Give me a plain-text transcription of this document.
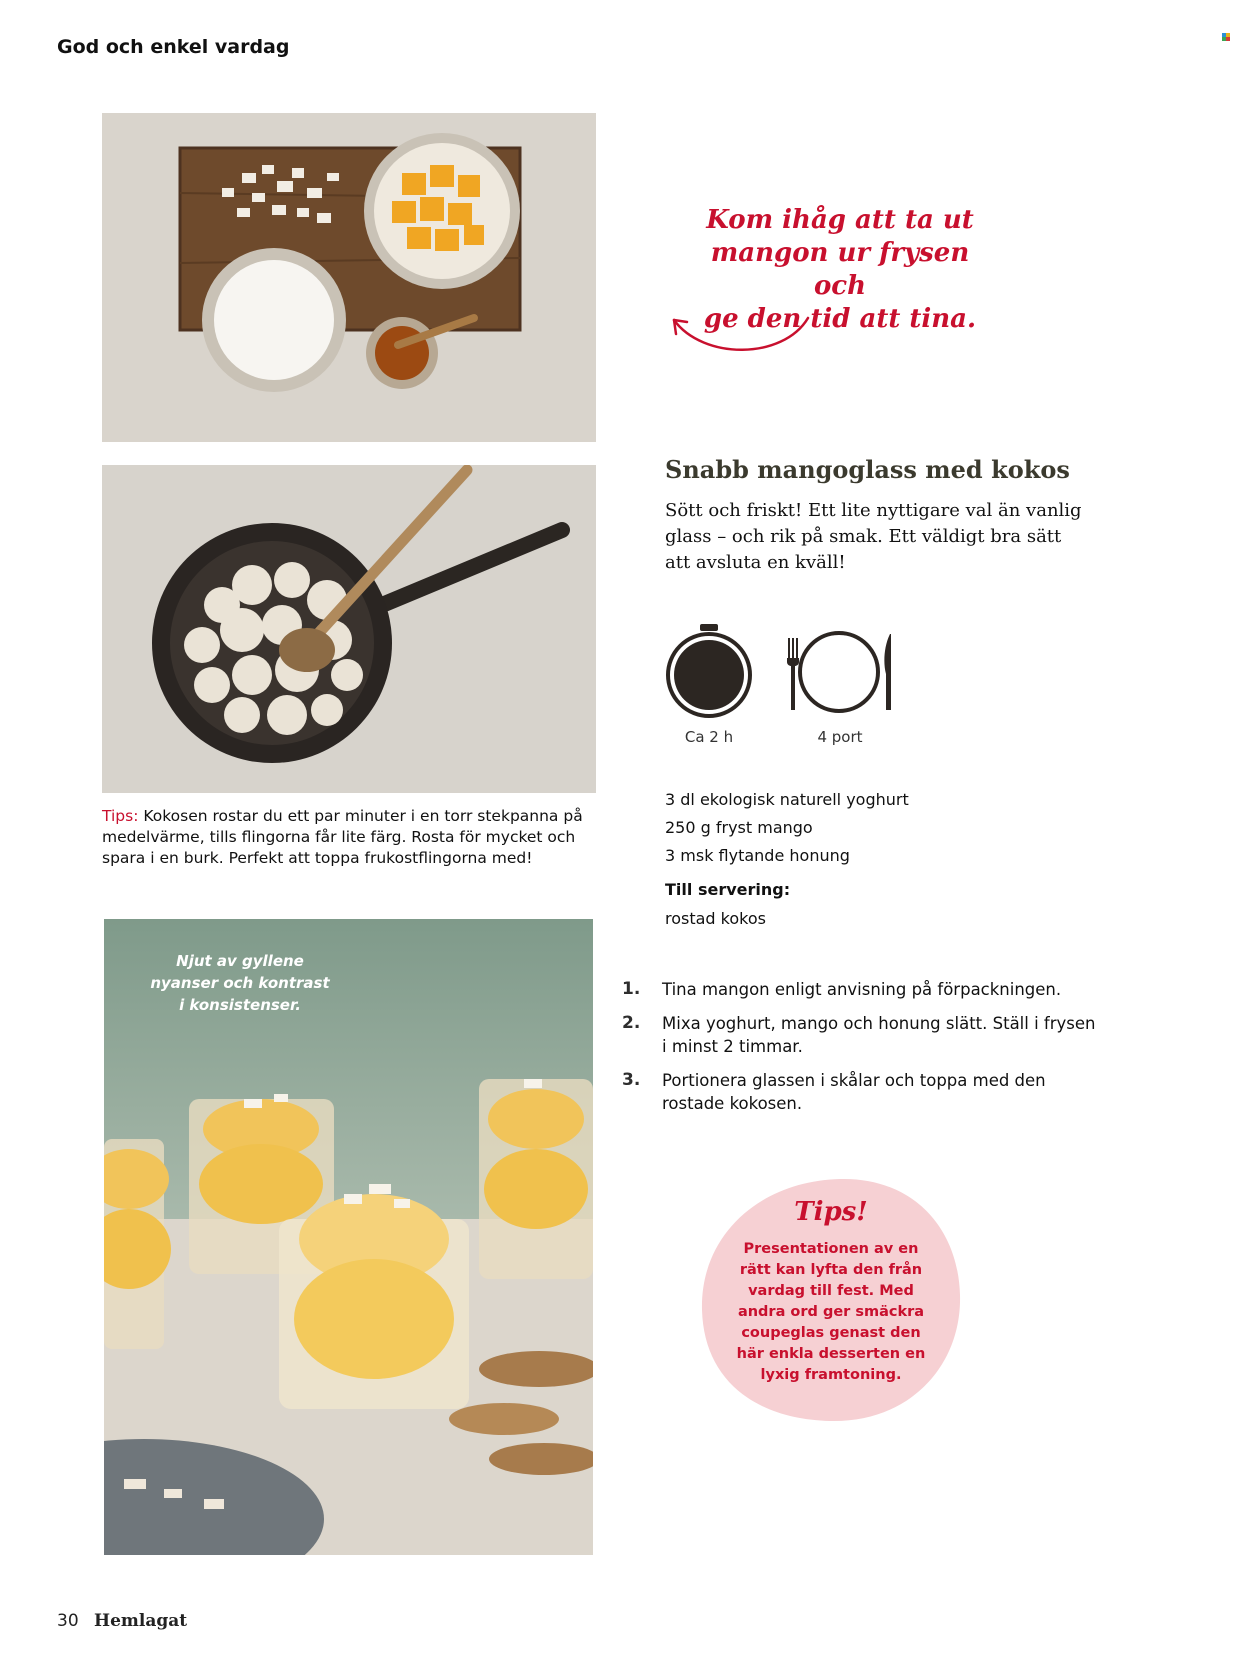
God och enkel vardag
Tips: Kokosen rostar du ett par minuter i en torr stekpanna på medelvärme, tills flingorna får lite färg. Rosta för mycket och spara i en burk. Perfekt att toppa frukostflingorna med!
Njut av gyllene
nyanser och kontrast
i konsistenser.
Kom ihåg att ta ut
mangon ur frysen och
ge den tid att tina.
Snabb mangoglass med kokos
Sött och friskt! Ett lite nyttigare val än vanlig glass – och rik på smak. Ett väldigt bra sätt att avsluta en kväll!
Ca 2 h	4 port
3 dl ekologisk naturell yoghurt
250 g fryst mango
3 msk flytande honung
Till servering:
rostad kokos
1.	Tina mangon enligt anvisning på förpackningen.
2.	Mixa yoghurt, mango och honung slätt. Ställ i frysen i minst 2 timmar.
3.	Portionera glassen i skålar och toppa med den rostade kokosen.
Tips!
Presentationen av en rätt kan lyfta den från vardag till fest. Med andra ord ger smäckra coupeglas genast den här enkla desserten en lyxig framtoning.
30 Hemlagat
